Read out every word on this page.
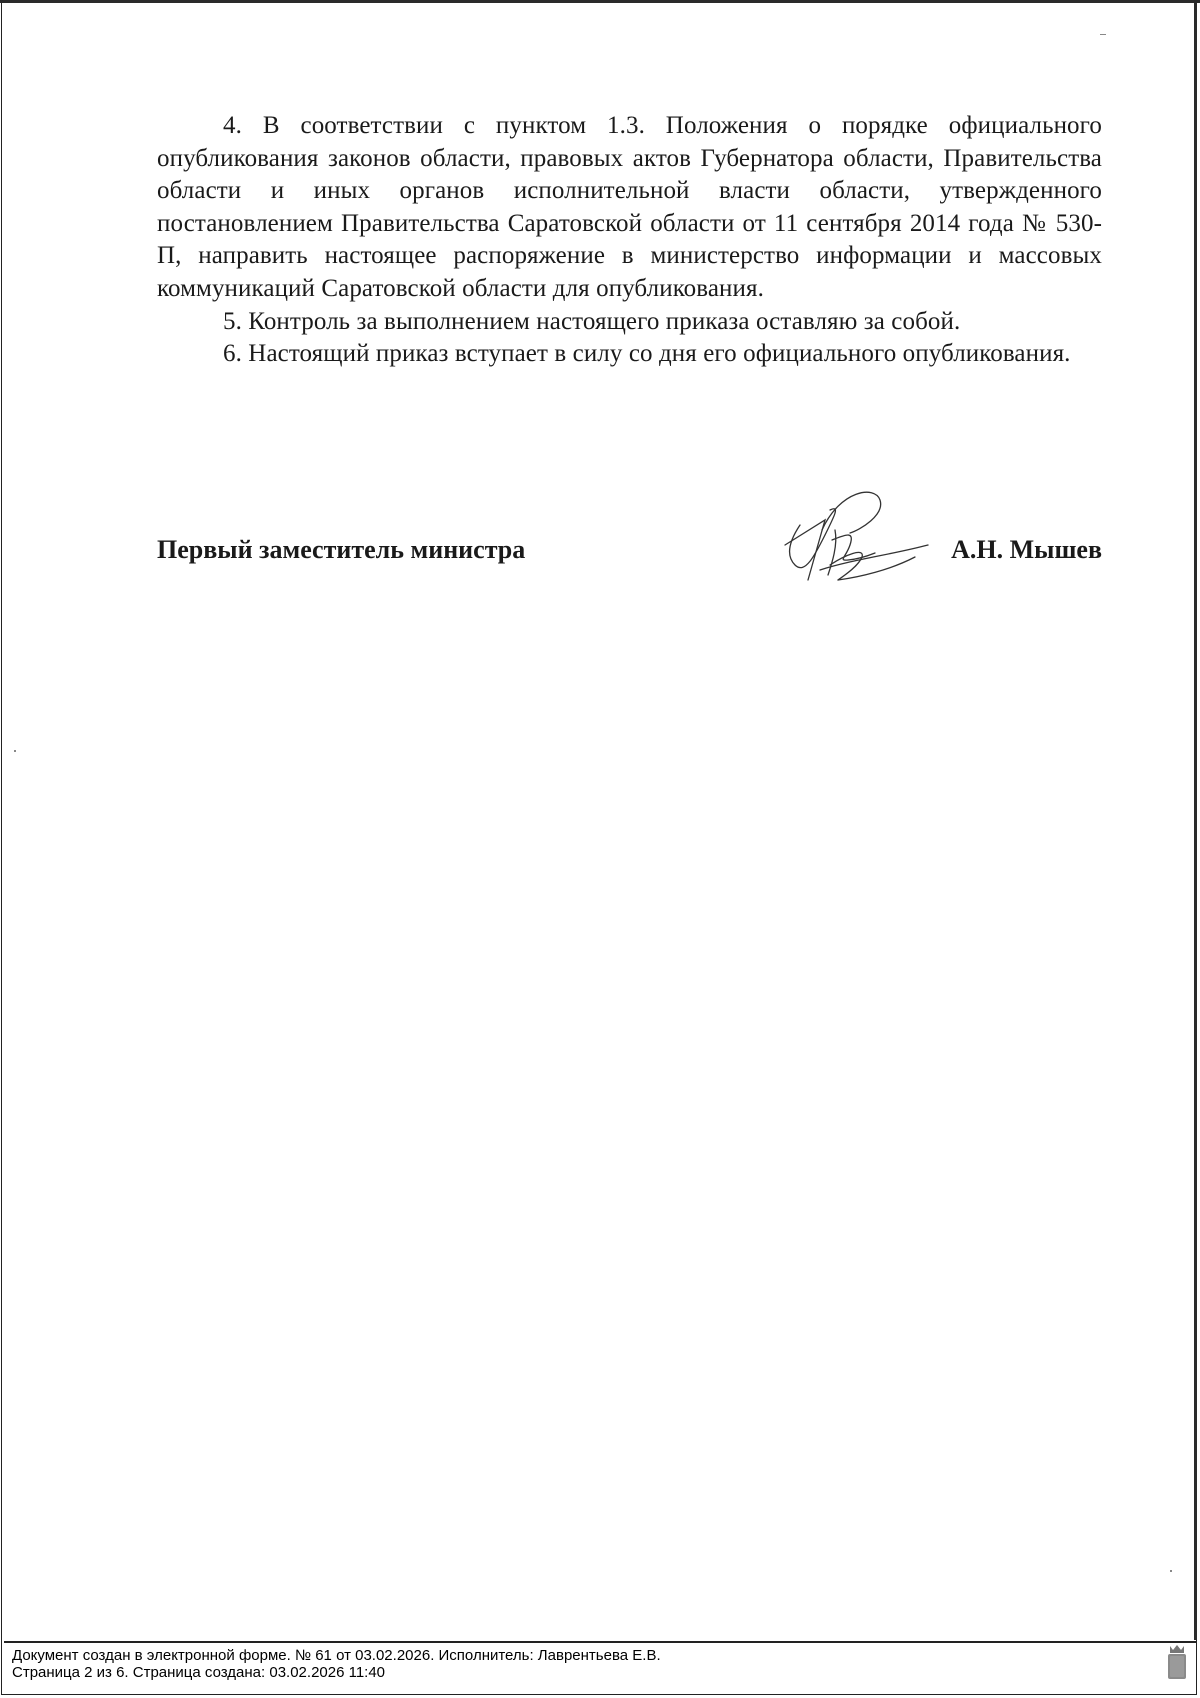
4. В соответствии с пунктом 1.3. Положения о порядке официального опубликования законов области, правовых актов Губернатора области, Правительства области и иных органов исполнительной власти области, утвержденного постановлением Правительства Саратовской области от 11 сентября 2014 года № 530-П, направить настоящее распоряжение в министерство информации и массовых коммуникаций Саратовской области для опубликования.

5. Контроль за выполнением настоящего приказа оставляю за собой.

6. Настоящий приказ вступает в силу со дня его официального опубликования.

Первый заместитель министра	А.Н. Мышев
Документ создан в электронной форме. № 61 от 03.02.2026. Исполнитель: Лаврентьева Е.В.
Страница 2 из 6. Страница создана: 03.02.2026 11:40
